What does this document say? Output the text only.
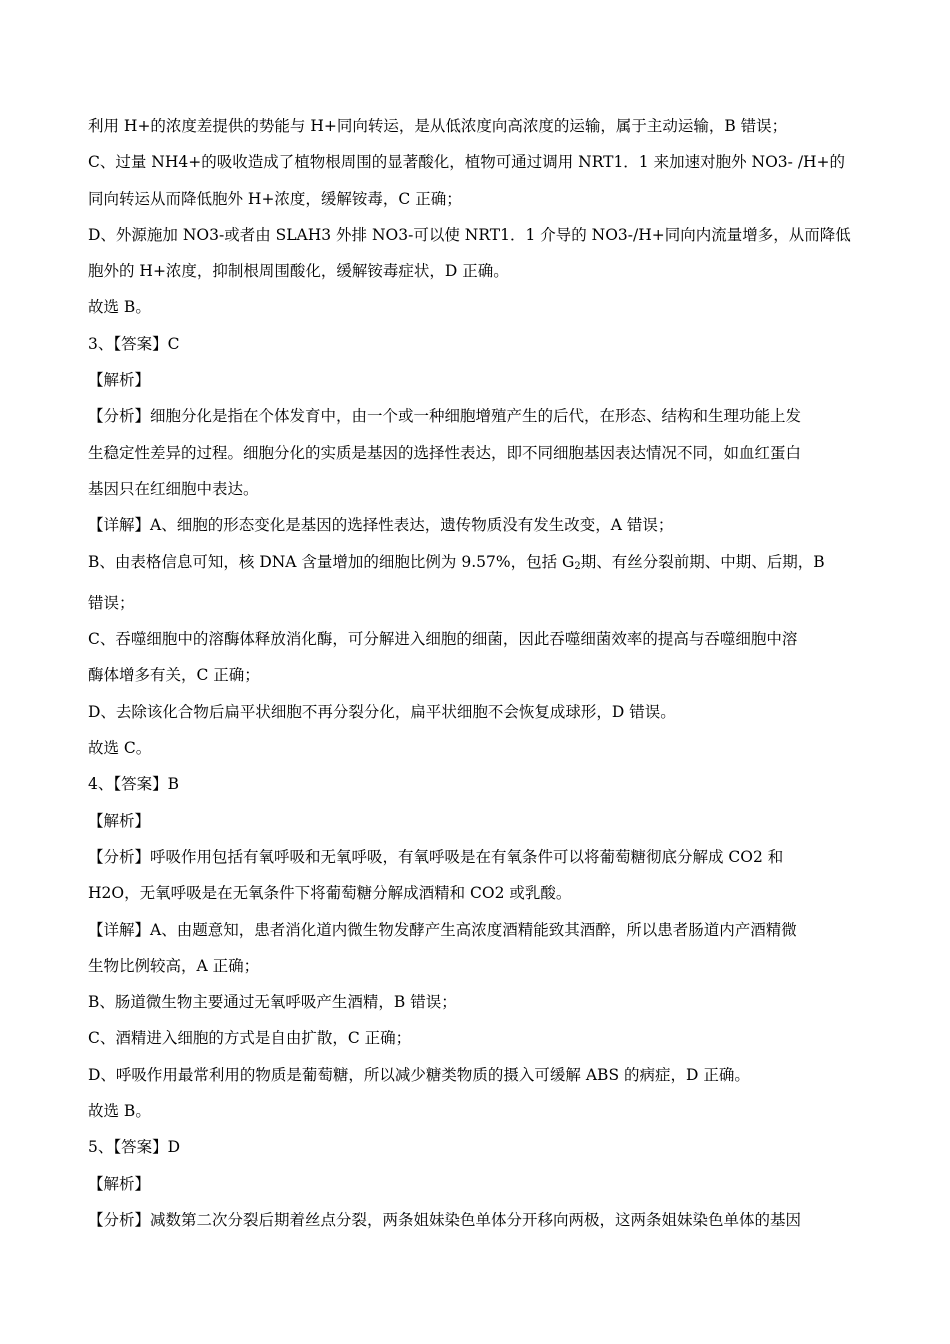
利用 H+的浓度差提供的势能与 H+同向转运，是从低浓度向高浓度的运输，属于主动运输，B 错误；
C、过量 NH4+的吸收造成了植物根周围的显著酸化，植物可通过调用 NRT1．1 来加速对胞外 NO3- /H+的
同向转运从而降低胞外 H+浓度，缓解铵毒，C 正确；
D、外源施加 NO3-或者由 SLAH3 外排 NO3-可以使 NRT1．1 介导的 NO3-/H+同向内流量增多，从而降低
胞外的 H+浓度，抑制根周围酸化，缓解铵毒症状，D 正确。
故选 B。
3、【答案】C
【解析】
【分析】细胞分化是指在个体发育中，由一个或一种细胞增殖产生的后代，在形态、结构和生理功能上发
生稳定性差异的过程。细胞分化的实质是基因的选择性表达，即不同细胞基因表达情况不同，如血红蛋白
基因只在红细胞中表达。
【详解】A、细胞的形态变化是基因的选择性表达，遗传物质没有发生改变，A 错误；
B、由表格信息可知，核 DNA 含量增加的细胞比例为 9.57%，包括 $G_2$期、有丝分裂前期、中期、后期，B
错误；
C、吞噬细胞中的溶酶体释放消化酶，可分解进入细胞的细菌，因此吞噬细菌效率的提高与吞噬细胞中溶
酶体增多有关，C 正确；
D、去除该化合物后扁平状细胞不再分裂分化，扁平状细胞不会恢复成球形，D 错误。
故选 C。
4、【答案】B
【解析】
【分析】呼吸作用包括有氧呼吸和无氧呼吸，有氧呼吸是在有氧条件可以将葡萄糖彻底分解成 CO2 和
H2O，无氧呼吸是在无氧条件下将葡萄糖分解成酒精和 CO2 或乳酸。
【详解】A、由题意知，患者消化道内微生物发酵产生高浓度酒精能致其酒醉，所以患者肠道内产酒精微
生物比例较高，A 正确；
B、肠道微生物主要通过无氧呼吸产生酒精，B 错误；
C、酒精进入细胞的方式是自由扩散，C 正确；
D、呼吸作用最常利用的物质是葡萄糖，所以减少糖类物质的摄入可缓解 ABS 的病症，D 正确。
故选 B。
5、【答案】D
【解析】
【分析】减数第二次分裂后期着丝点分裂，两条姐妹染色单体分开移向两极，这两条姐妹染色单体的基因
